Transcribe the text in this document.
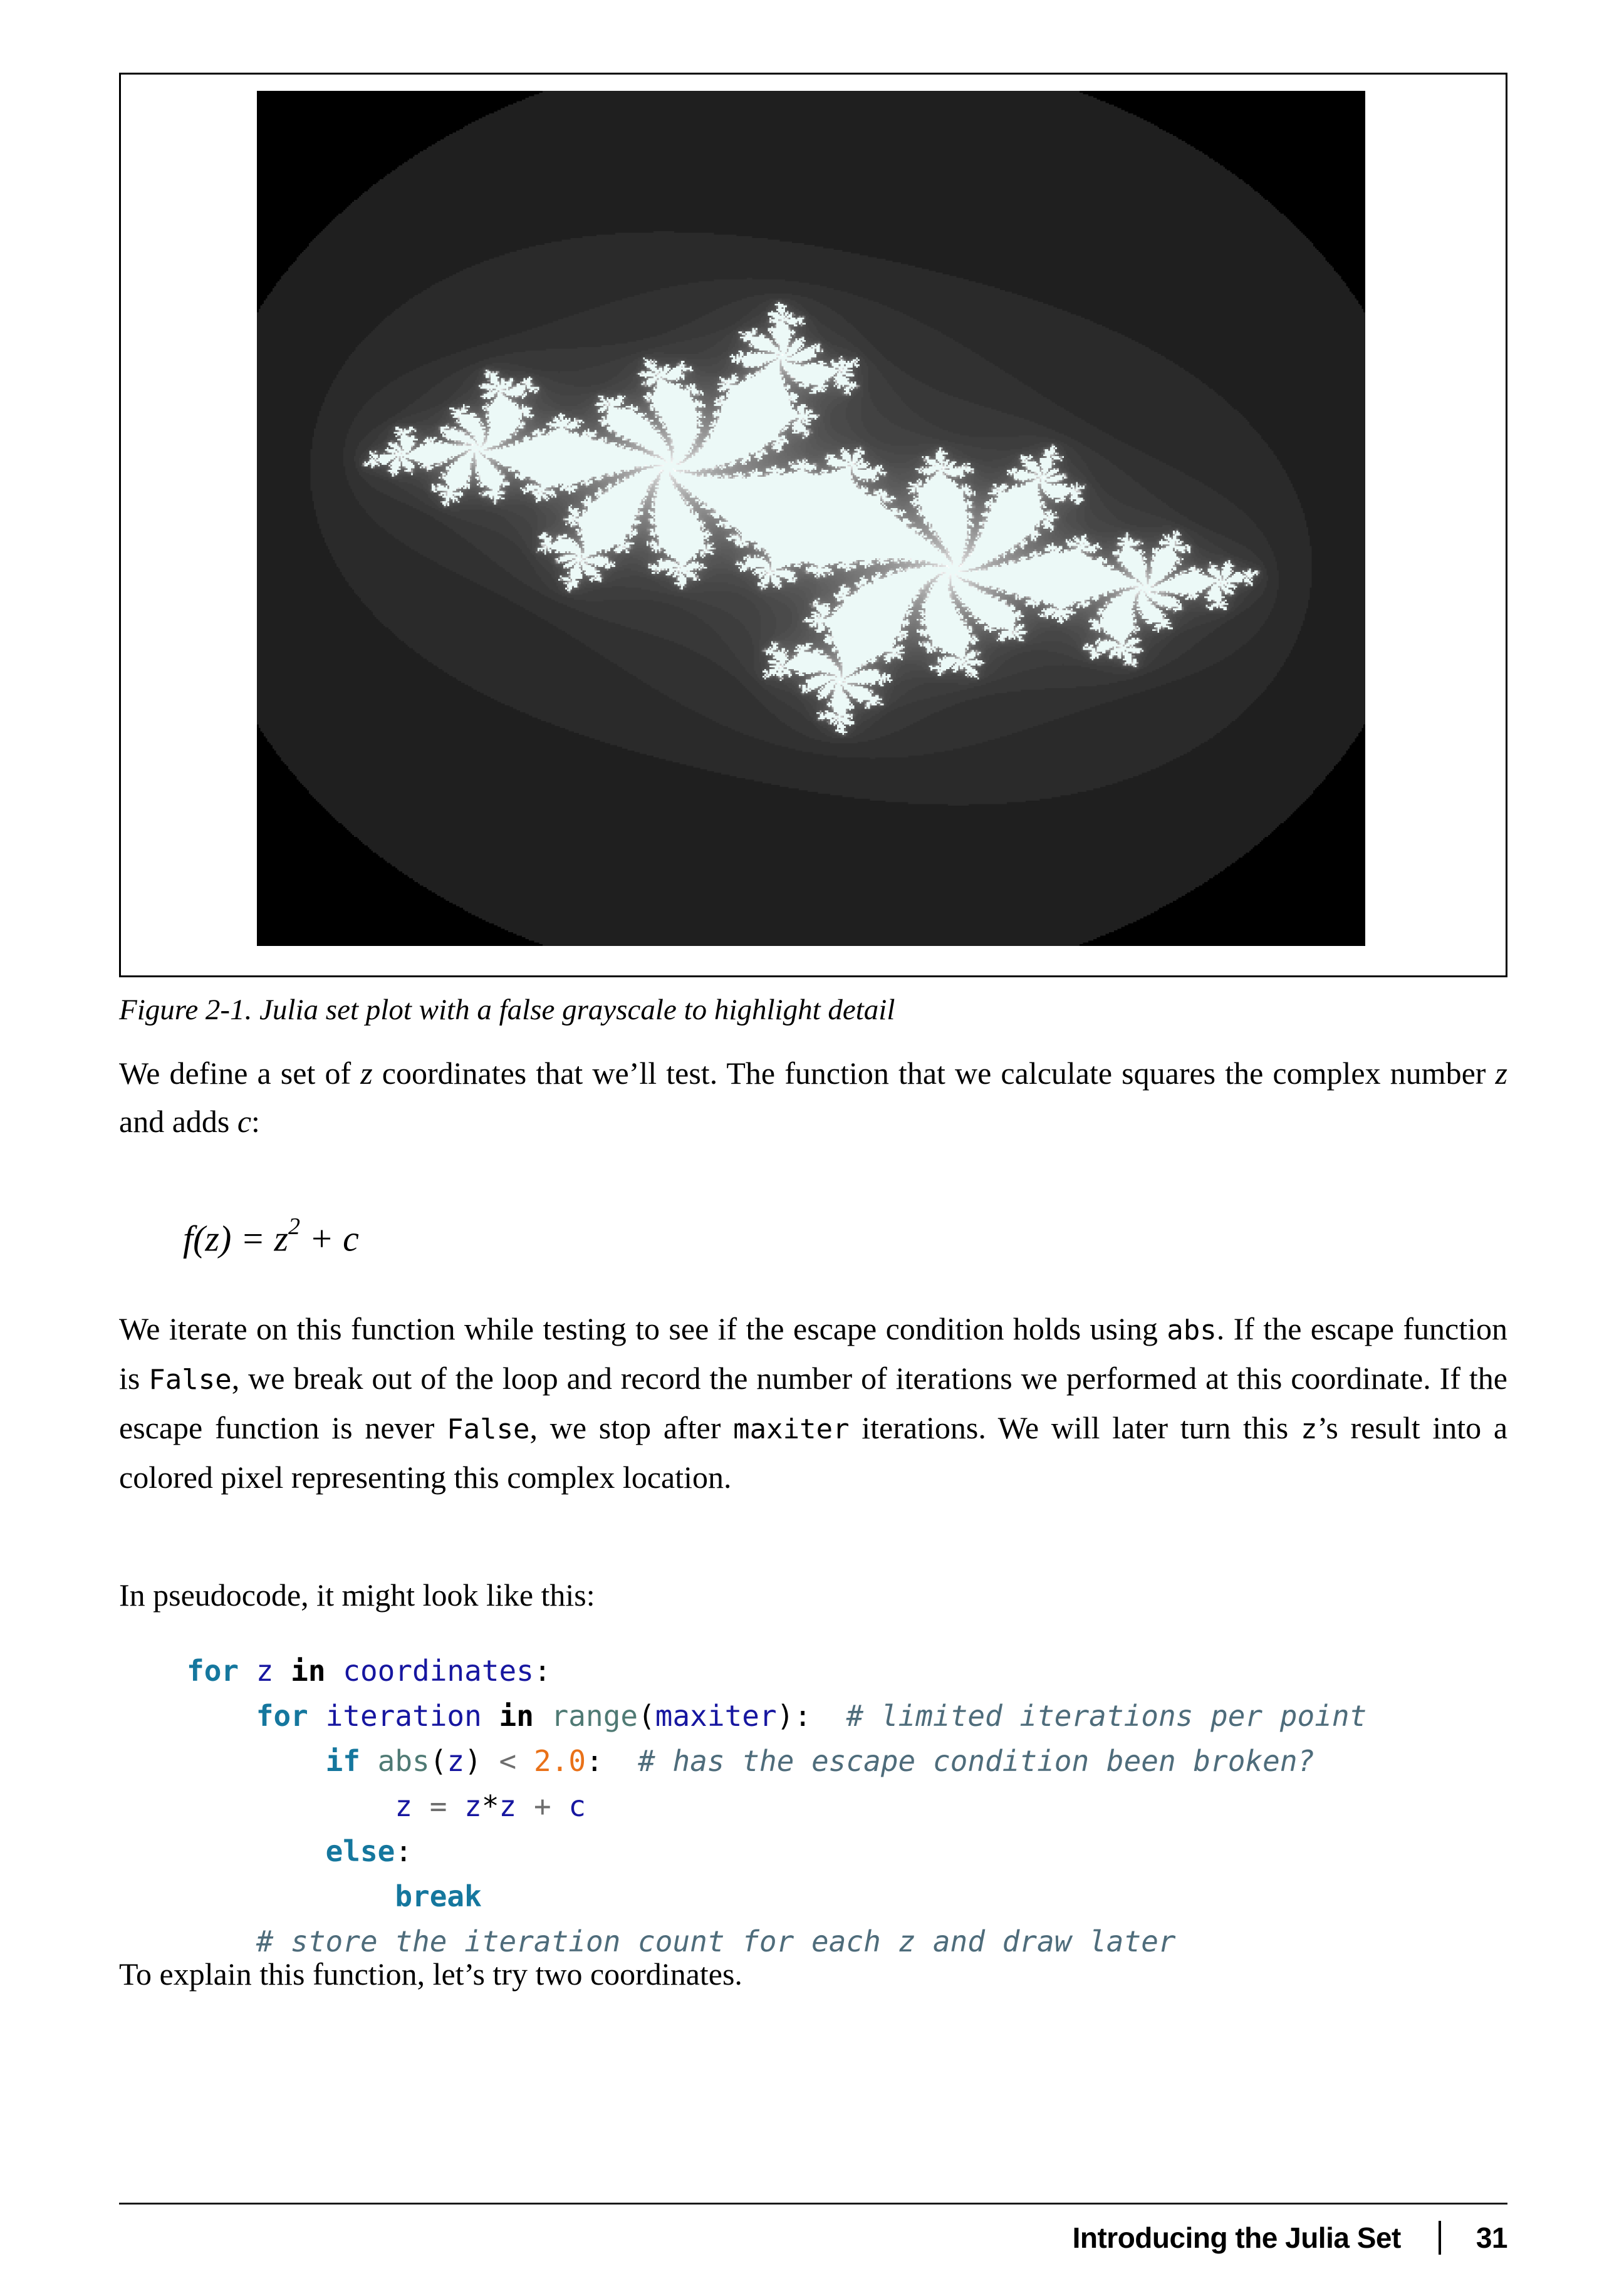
Figure 2-1. Julia set plot with a false grayscale to highlight detail
We define a set of z coordinates that we’ll test. The function that we calculate squares the complex number z and adds c:
$f(z) = z^2 + c$
We iterate on this function while testing to see if the escape condition holds using abs. If the escape function is False, we break out of the loop and record the number of iterations we performed at this coordinate. If the escape function is never False, we stop after maxiter iterations. We will later turn this z’s result into a colored pixel representing this complex location.
In pseudocode, it might look like this:
for z in coordinates:
for iteration in range(maxiter): # limited iterations per point
if abs(z) < 2.0: # has the escape condition been broken?
z = z*z + c
else:
break
# store the iteration count for each z and draw later
To explain this function, let’s try two coordinates.
Introducing the Julia Set	31
